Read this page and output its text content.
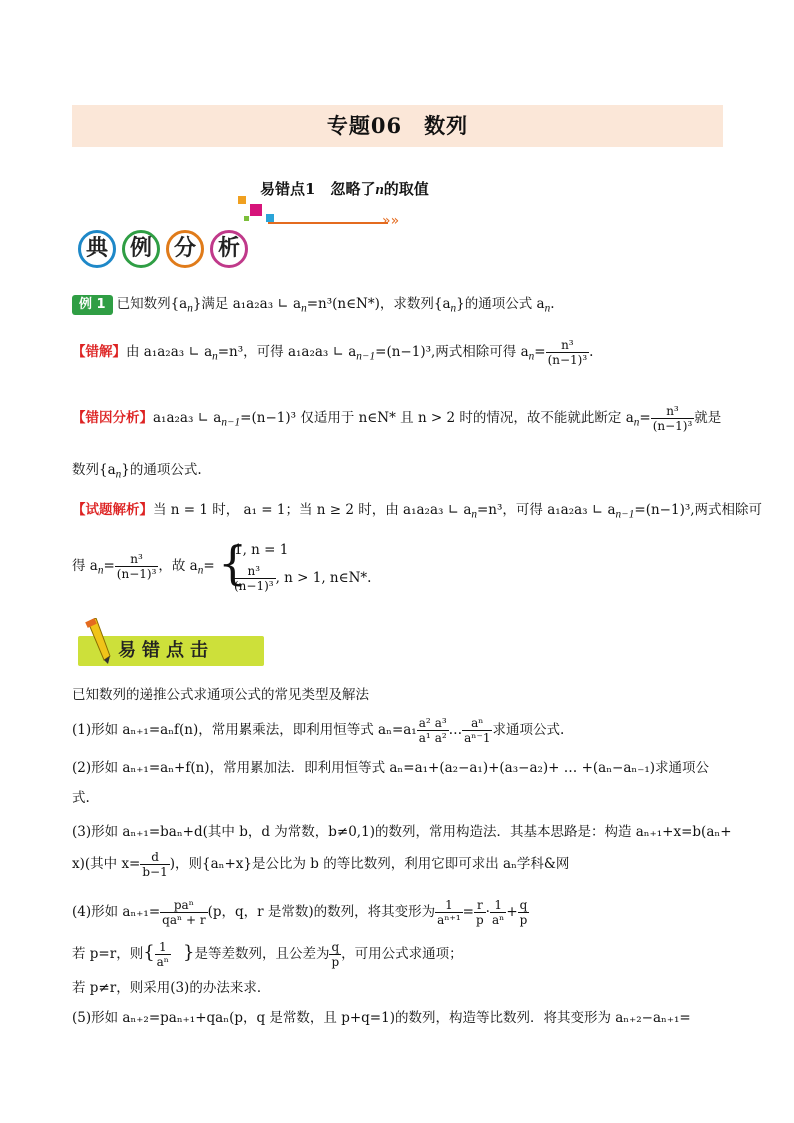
专题06　数列
易错点1　忽略了n的取值
»»
典 例 分 析
例 1 已知数列$\{a_n\}$满足 a₁a₂a₃ ∟ $a_n=n^3(n\in N*)$，求数列$\{a_n\}$的通项公式 $a_n$.
【错解】由 a₁a₂a₃ ∟ $a_n=n^3$，可得 a₁a₂a₃ ∟ $a_{n-1}=(n-1)^3$,两式相除可得 $a_n= \frac{\text{n³}}{\text{(n−1)³}}$ .
【错因分析】a₁a₂a₃ ∟ $a_{n-1}=(n-1)^3$ 仅适用于 n∈N* 且 n > 2 时的情况，故不能就此断定 $a_n= \frac{\text{n³}}{\text{(n−1)³}}$ 就是
数列$\{a_n\}$的通项公式.
【试题解析】当 n = 1 时， a₁ = 1；当 n ≥ 2 时，由 a₁a₂a₃ ∟ $a_n=n^3$，可得 a₁a₂a₃ ∟ $a_{n-1}=(n-1)^3$,两式相除可
得 $a_n= \frac{\text{n³}}{\text{(n−1)³}}$ ，故 $a_n=$ {
1, n = 1
$\frac{\text{n³}}{\text{(n−1)³}}$ , n > 1, n∈N*.
易错点击
已知数列的递推公式求通项公式的常见类型及解法
(1)形如 aₙ₊₁=aₙf(n)，常用累乘法，即利用恒等式 $a_n=a_1 \frac{\text{a²}}{\text{a¹}} \frac{\text{a³}}{\text{a²}}$ … $\frac{\text{aⁿ}}{\text{aⁿ⁻1}}$ 求通项公式.
(2)形如 aₙ₊₁=aₙ+f(n)，常用累加法．即利用恒等式 aₙ=a₁+(a₂−a₁)+(a₃−a₂)+ … +(aₙ−aₙ₋₁)求通项公
式.
(3)形如 aₙ₊₁=baₙ+d(其中 b，d 为常数，b≠0,1)的数列，常用构造法．其基本思路是：构造 aₙ₊₁+x=b(aₙ+
x)(其中 $x= \frac{d}{b-1}$ )，则{aₙ+x}是公比为 b 的等比数列，利用它即可求出 aₙ学科&网
(4)形如 $a_{n+1}= \frac{\text{paⁿ}}{\text{qaⁿ + r}} (p$，q，r 是常数)的数列，将其变形为 $\frac{1}{\text{aⁿ⁺¹}} = \frac{r}{p} \cdot \frac{1}{\text{aⁿ}} + \frac{q}{p}$
若 p=r，则{ $\frac{1}{\text{aⁿ}}$ }是等差数列，且公差为 $\frac{q}{p}$ ，可用公式求通项；
若 p≠r，则采用(3)的办法来求．
(5)形如 aₙ₊₂=paₙ₊₁+qaₙ(p，q 是常数，且 p+q=1)的数列，构造等比数列．将其变形为 aₙ₊₂−aₙ₊₁=
